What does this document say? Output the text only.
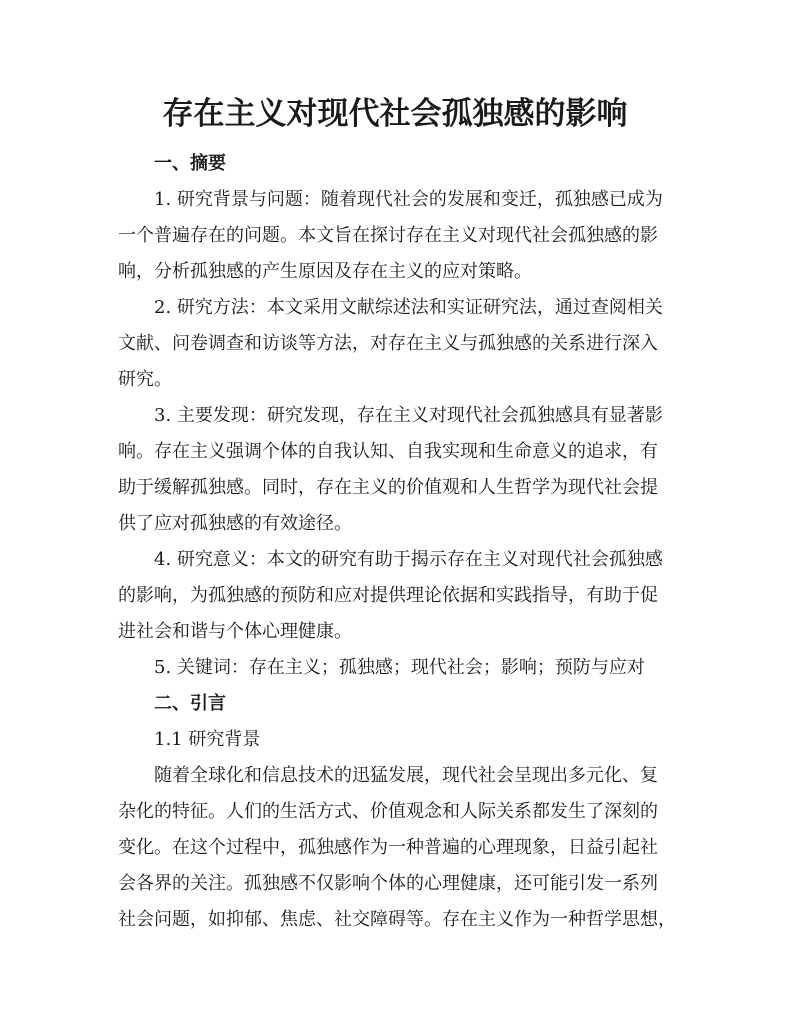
存在主义对现代社会孤独感的影响
一、摘要

1. 研究背景与问题：随着现代社会的发展和变迁，孤独感已成为
一个普遍存在的问题。本文旨在探讨存在主义对现代社会孤独感的影
响，分析孤独感的产生原因及存在主义的应对策略。

2. 研究方法：本文采用文献综述法和实证研究法，通过查阅相关
文献、问卷调查和访谈等方法，对存在主义与孤独感的关系进行深入
研究。

3. 主要发现：研究发现，存在主义对现代社会孤独感具有显著影
响。存在主义强调个体的自我认知、自我实现和生命意义的追求，有
助于缓解孤独感。同时，存在主义的价值观和人生哲学为现代社会提
供了应对孤独感的有效途径。

4. 研究意义：本文的研究有助于揭示存在主义对现代社会孤独感
的影响，为孤独感的预防和应对提供理论依据和实践指导，有助于促
进社会和谐与个体心理健康。

5. 关键词：存在主义；孤独感；现代社会；影响；预防与应对

二、引言

1.1 研究背景

随着全球化和信息技术的迅猛发展，现代社会呈现出多元化、复
杂化的特征。人们的生活方式、价值观念和人际关系都发生了深刻的
变化。在这个过程中，孤独感作为一种普遍的心理现象，日益引起社
会各界的关注。孤独感不仅影响个体的心理健康，还可能引发一系列
社会问题，如抑郁、焦虑、社交障碍等。存在主义作为一种哲学思想，
